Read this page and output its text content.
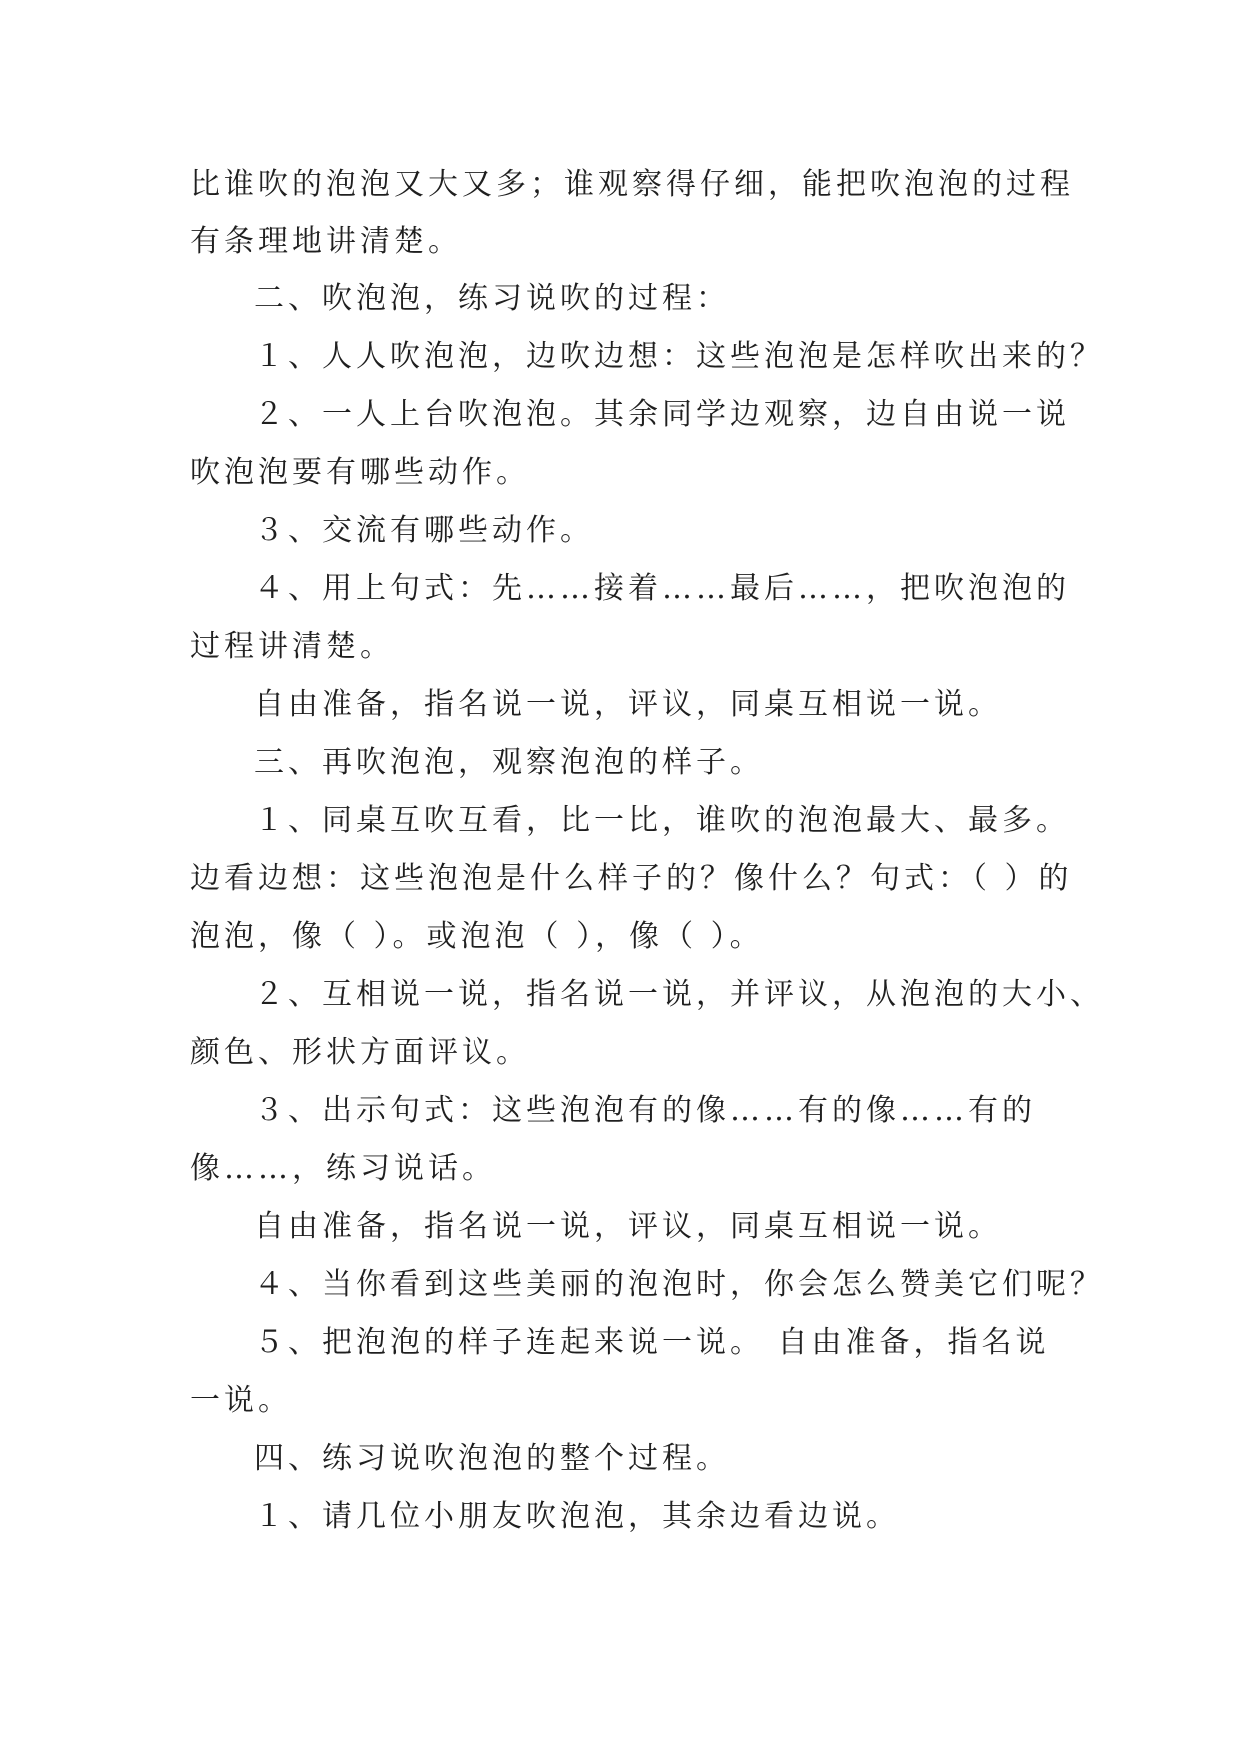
比谁吹的泡泡又大又多；谁观察得仔细，能把吹泡泡的过程

有条理地讲清楚。

二、吹泡泡，练习说吹的过程：

１、人人吹泡泡，边吹边想：这些泡泡是怎样吹出来的？

２、一人上台吹泡泡。其余同学边观察，边自由说一说

吹泡泡要有哪些动作。

３、交流有哪些动作。

４、用上句式：先……接着……最后……，把吹泡泡的

过程讲清楚。

自由准备，指名说一说，评议，同桌互相说一说。

三、再吹泡泡，观察泡泡的样子。

１、同桌互吹互看，比一比，谁吹的泡泡最大、最多。

边看边想：这些泡泡是什么样子的？像什么？句式：（ ）的

泡泡，像（ ）。或泡泡（ ），像（ ）。

２、互相说一说，指名说一说，并评议，从泡泡的大小、

颜色、形状方面评议。

３、出示句式：这些泡泡有的像……有的像……有的

像……，练习说话。

自由准备，指名说一说，评议，同桌互相说一说。

４、当你看到这些美丽的泡泡时，你会怎么赞美它们呢？

５、把泡泡的样子连起来说一说。 自由准备，指名说

一说。

四、练习说吹泡泡的整个过程。

１、请几位小朋友吹泡泡，其余边看边说。
